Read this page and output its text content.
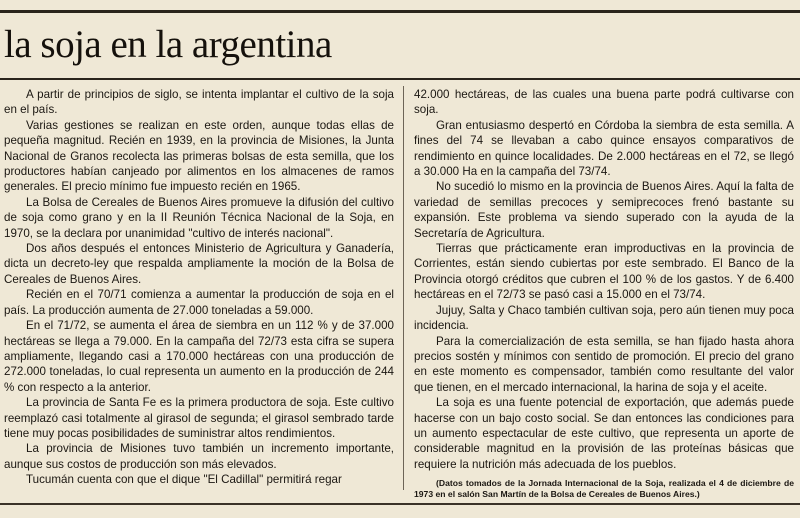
la soja en la argentina

A partir de principios de siglo, se intenta implantar el cultivo de la soja en el país.

Varias gestiones se realizan en este orden, aunque todas ellas de pequeña magnitud. Recién en 1939, en la provincia de Misiones, la Junta Nacional de Granos recolecta las primeras bolsas de esta semilla, que los productores habían canjeado por alimentos en los almacenes de ramos generales. El precio mínimo fue impuesto recién en 1965.

La Bolsa de Cereales de Buenos Aires promueve la difusión del cultivo de soja como grano y en la II Reunión Técnica Nacional de la Soja, en 1970, se la declara por unanimidad "cultivo de interés nacional".

Dos años después el entonces Ministerio de Agricultura y Ganadería, dicta un decreto-ley que respalda ampliamente la moción de la Bolsa de Cereales de Buenos Aires.

Recién en el 70/71 comienza a aumentar la producción de soja en el país. La producción aumenta de 27.000 toneladas a 59.000.

En el 71/72, se aumenta el área de siembra en un 112 % y de 37.000 hectáreas se llega a 79.000. En la campaña del 72/73 esta cifra se supera ampliamente, llegando casi a 170.000 hectáreas con una producción de 272.000 toneladas, lo cual representa un aumento en la producción de 244 % con respecto a la anterior.

La provincia de Santa Fe es la primera productora de soja. Este cultivo reemplazó casi totalmente al girasol de segunda; el girasol sembrado tarde tiene muy pocas posibilidades de suministrar altos rendimientos.

La provincia de Misiones tuvo también un incremento importante, aunque sus costos de producción son más elevados.

Tucumán cuenta con que el dique "El Cadillal" permitirá regar

42.000 hectáreas, de las cuales una buena parte podrá cultivarse con soja.

Gran entusiasmo despertó en Córdoba la siembra de esta semilla. A fines del 74 se llevaban a cabo quince ensayos comparativos de rendimiento en quince localidades. De 2.000 hectáreas en el 72, se llegó a 30.000 Ha en la campaña del 73/74.

No sucedió lo mismo en la provincia de Buenos Aires. Aquí la falta de variedad de semillas precoces y semiprecoces frenó bastante su expansión. Este problema va siendo superado con la ayuda de la Secretaría de Agricultura.

Tierras que prácticamente eran improductivas en la provincia de Corrientes, están siendo cubiertas por este sembrado. El Banco de la Provincia otorgó créditos que cubren el 100 % de los gastos. Y de 6.400 hectáreas en el 72/73 se pasó casi a 15.000 en el 73/74.

Jujuy, Salta y Chaco también cultivan soja, pero aún tienen muy poca incidencia.

Para la comercialización de esta semilla, se han fijado hasta ahora precios sostén y mínimos con sentido de promoción. El precio del grano en este momento es compensador, también como resultante del valor que tienen, en el mercado internacional, la harina de soja y el aceite.

La soja es una fuente potencial de exportación, que además puede hacerse con un bajo costo social. Se dan entonces las condiciones para un aumento espectacular de este cultivo, que representa un aporte de considerable magnitud en la provisión de las proteínas básicas que requiere la nutrición más adecuada de los pueblos.

(Datos tomados de la Jornada Internacional de la Soja, realizada el 4 de diciembre de 1973 en el salón San Martín de la Bolsa de Cereales de Buenos Aires.)
